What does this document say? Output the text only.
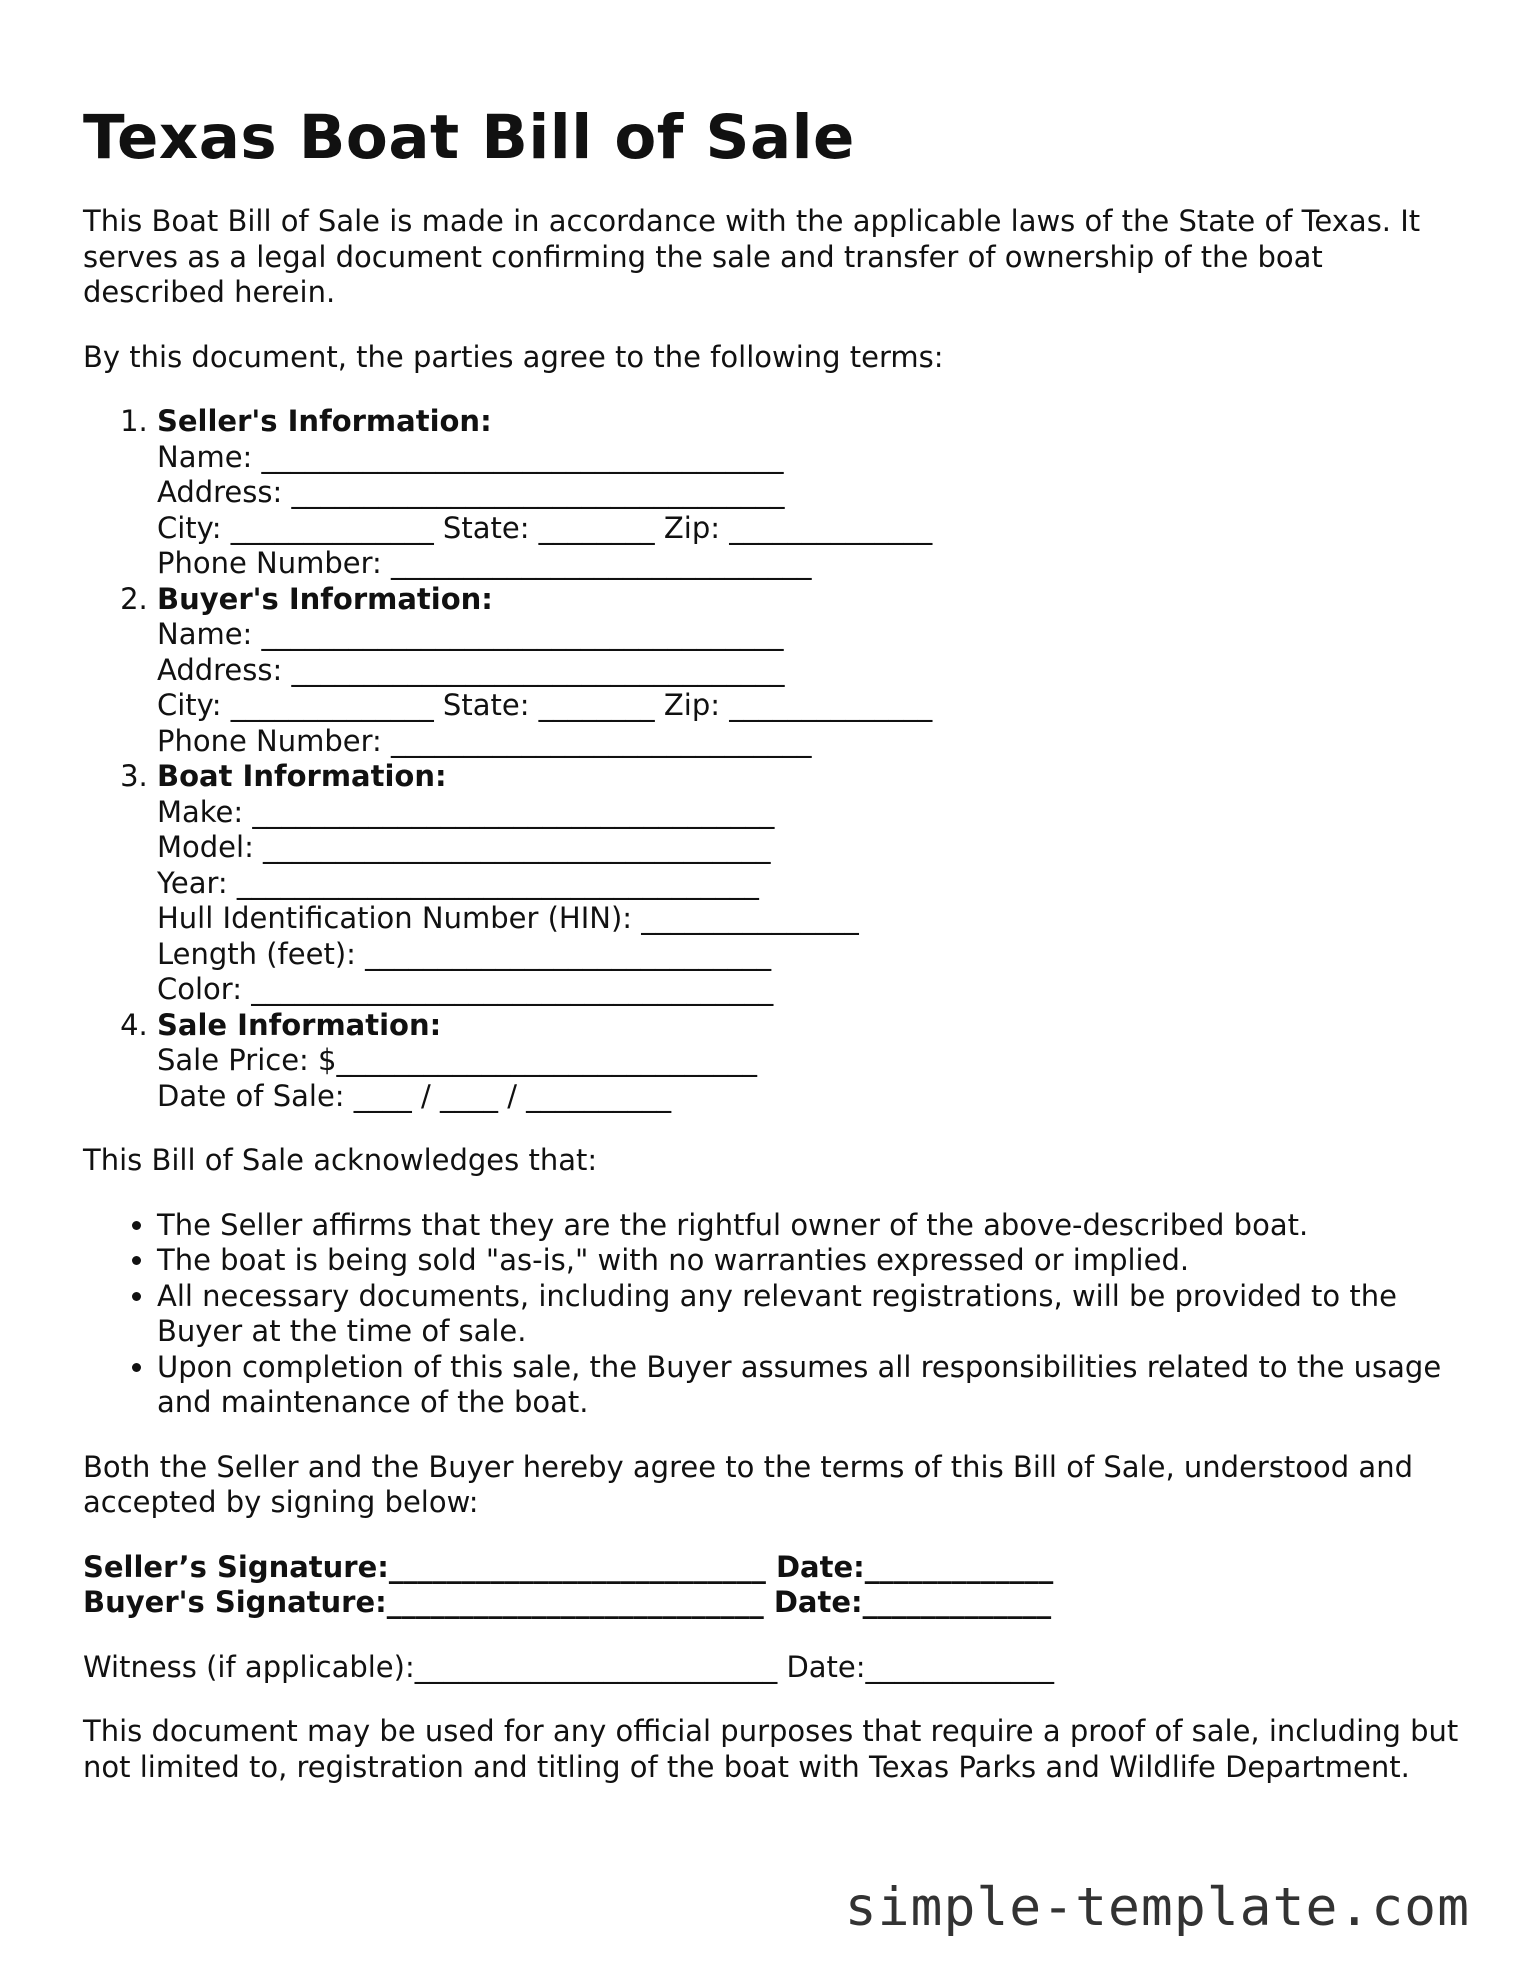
Texas Boat Bill of Sale

This Boat Bill of Sale is made in accordance with the applicable laws of the State of Texas. It serves as a legal document confirming the sale and transfer of ownership of the boat described herein.

By this document, the parties agree to the following terms:

1. Seller's Information:
Name: ____________________________________
Address: __________________________________
City: ______________ State: ________ Zip: ______________
Phone Number: _____________________________
2. Buyer's Information:
Name: ____________________________________
Address: __________________________________
City: ______________ State: ________ Zip: ______________
Phone Number: _____________________________
3. Boat Information:
Make: ____________________________________
Model: ___________________________________
Year: ____________________________________
Hull Identification Number (HIN): _______________
Length (feet): ____________________________
Color: ____________________________________
4. Sale Information:
Sale Price: $_____________________________
Date of Sale: ____ / ____ / __________

This Bill of Sale acknowledges that:

• The Seller affirms that they are the rightful owner of the above-described boat.
• The boat is being sold "as-is," with no warranties expressed or implied.
• All necessary documents, including any relevant registrations, will be provided to the Buyer at the time of sale.
• Upon completion of this sale, the Buyer assumes all responsibilities related to the usage and maintenance of the boat.

Both the Seller and the Buyer hereby agree to the terms of this Bill of Sale, understood and accepted by signing below:

Seller’s Signature:__________________________ Date:_____________
Buyer's Signature:__________________________ Date:_____________
Witness (if applicable):_________________________ Date:_____________

This document may be used for any official purposes that require a proof of sale, including but not limited to, registration and titling of the boat with Texas Parks and Wildlife Department.

simple-template.com
